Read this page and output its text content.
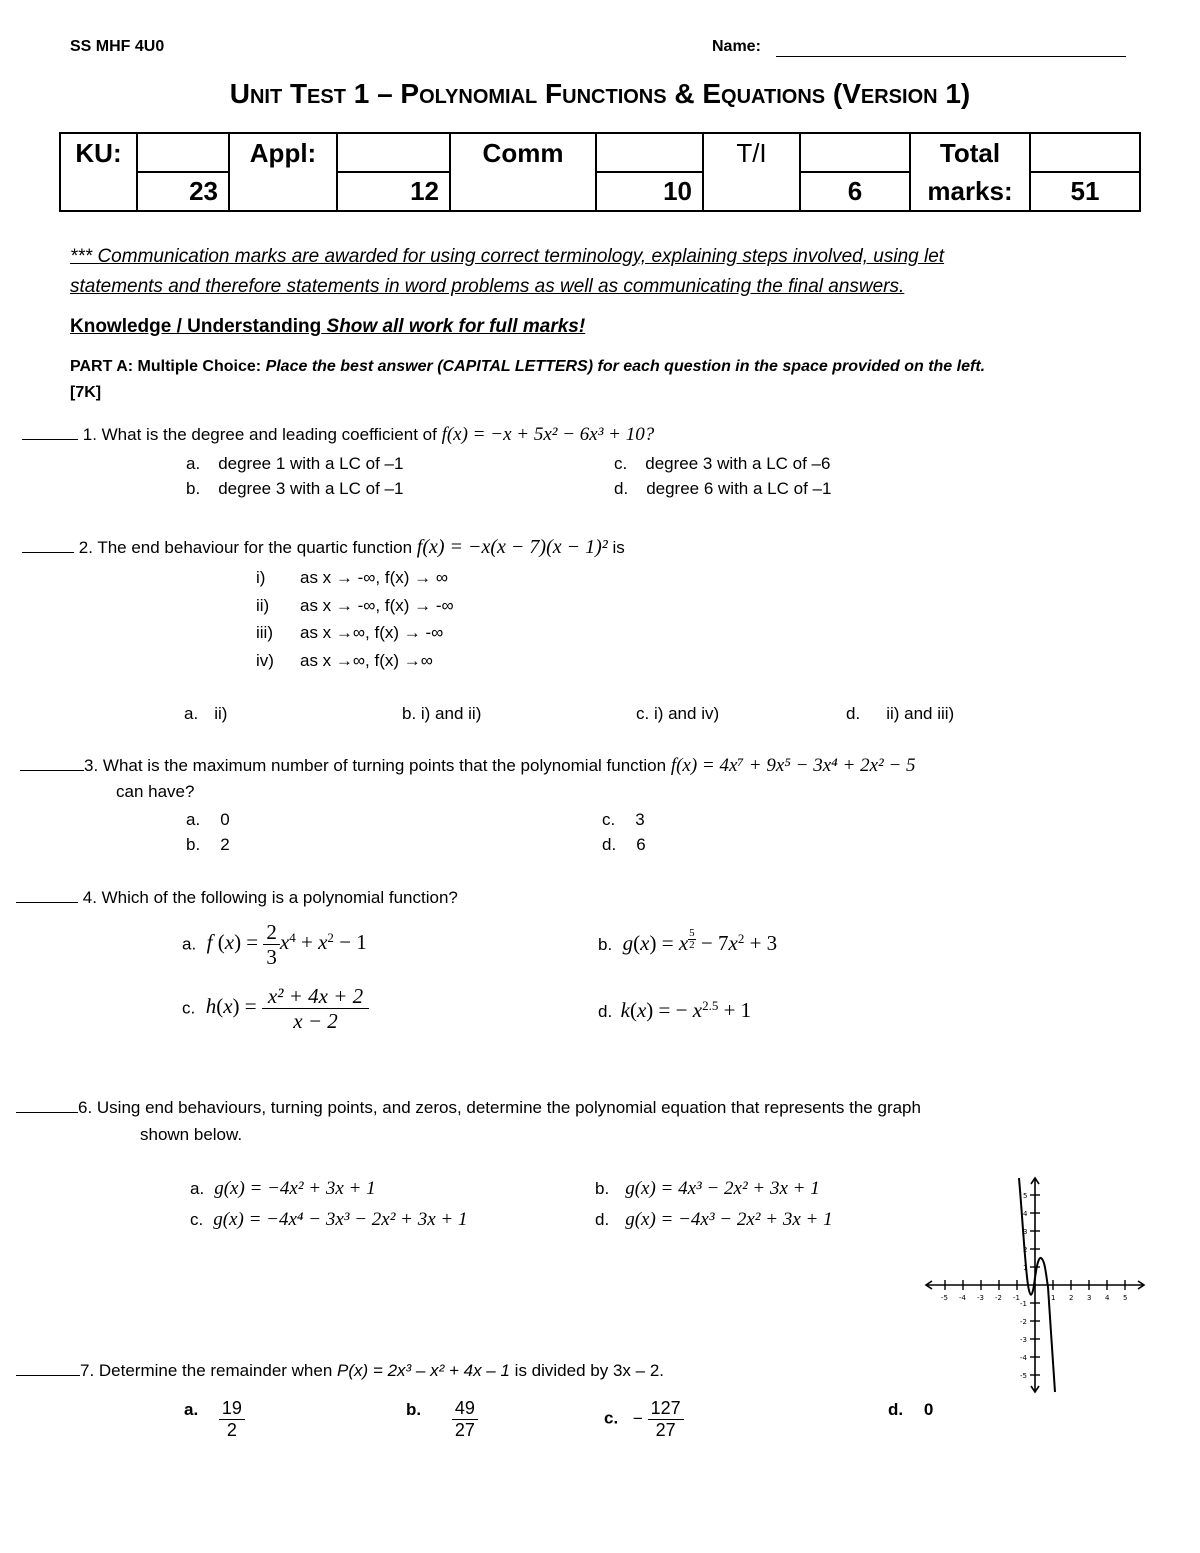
SS MHF 4U0	Name:
Unit Test 1 – Polynomial Functions & Equations (Version 1)
KU:		Appl:		Comm		T/I		Total
marks:	

	23		12		10		6		51
*** Communication marks are awarded for using correct terminology, explaining steps involved, using let
statements and therefore statements in word problems as well as communicating the final answers.
Knowledge / Understanding Show all work for full marks!
PART A: Multiple Choice: Place the best answer (CAPITAL LETTERS) for each question in the space provided on the left.
[7K]
1. What is the degree and leading coefficient of f(x) = −x + 5x² − 6x³ + 10?
a. degree 1 with a LC of –1
b. degree 3 with a LC of –1
c. degree 3 with a LC of –6
d. degree 6 with a LC of –1
2. The end behaviour for the quartic function f(x) = −x(x − 7)(x − 1)² is
i) as x → -∞, f(x) → ∞
ii) as x → -∞, f(x) → -∞
iii) as x →∞, f(x) → -∞
iv) as x →∞, f(x) →∞
a. ii)	b. i) and ii)	c. i) and iv)	d. ii) and iii)
3. What is the maximum number of turning points that the polynomial function f(x) = 4x⁷ + 9x⁵ − 3x⁴ + 2x² − 5
can have?
a. 0
b. 2
c. 3
d. 6
4. Which of the following is a polynomial function?
a. f $(x) = \frac{2}{3} x^4 + x^2 - 1$	b. g(x) = x $\frac{5}{2} - 7x^2 + 3$
c. $h(x) = \frac{\text{x² + 4x + 2}}{x - 2}$	d. k(x) = − $x^{2.5} + 1$
6. Using end behaviours, turning points, and zeros, determine the polynomial equation that represents the graph
shown below.
a. g(x) = −4x² + 3x + 1
c. g(x) = −4x⁴ − 3x³ − 2x² + 3x + 1
b. g(x) = 4x³ − 2x² + 3x + 1
d. g(x) = −4x³ − 2x² + 3x + 1
-5 -4 -3 -2 -1	1 2 3 4 5
5
4
3
2
1
-1
-2
-3
-4
-5
7. Determine the remainder when P(x) = 2x³ – x² + 4x – 1 is divided by 3x – 2.
a. $\frac{19}{2}$	b. $\frac{49}{27}$	c. − $\frac{127}{27}$	d. 0
